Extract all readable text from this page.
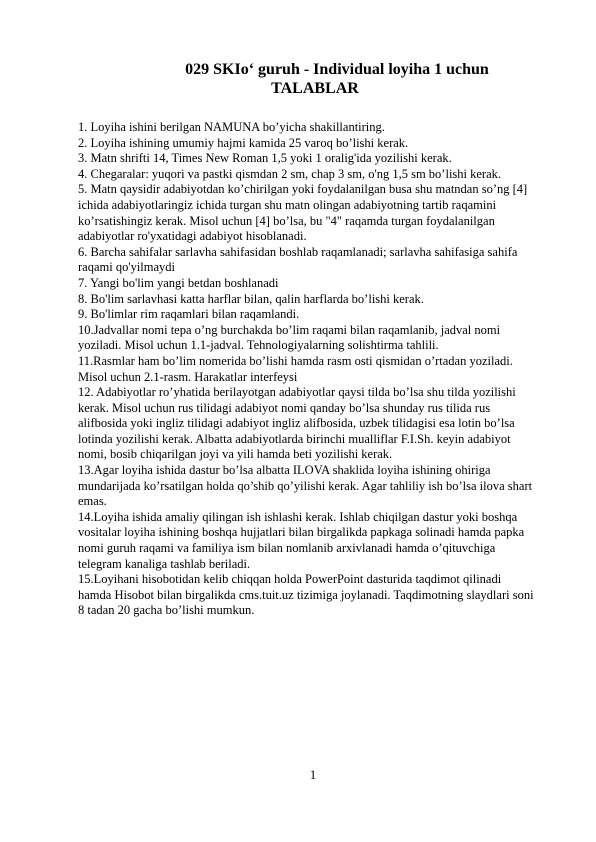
029 SKIo‘ guruh - Individual loyiha 1 uchun
TALABLAR

1. Loyiha ishini berilgan NAMUNA bo’yicha shakillantiring.

2. Loyiha ishining umumiy hajmi kamida 25 varoq bo’lishi kerak.

3. Matn shrifti 14, Times New Roman 1,5 yoki 1 oralig'ida yozilishi kerak.

4. Chegaralar: yuqori va pastki qismdan 2 sm, chap 3 sm, o'ng 1,5 sm bo’lishi kerak.

5. Matn qaysidir adabiyotdan ko’chirilgan yoki foydalanilgan busa shu matndan so’ng [4] ichida adabiyotlaringiz ichida turgan shu matn olingan adabiyotning tartib raqamini ko’rsatishingiz kerak. Misol uchun [4] bo’lsa, bu "4" raqamda turgan foydalanilgan adabiyotlar ro'yxatidagi adabiyot hisoblanadi.

6. Barcha sahifalar sarlavha sahifasidan boshlab raqamlanadi; sarlavha sahifasiga sahifa raqami qo'yilmaydi

7. Yangi bo'lim yangi betdan boshlanadi

8. Bo'lim sarlavhasi katta harflar bilan, qalin harflarda bo’lishi kerak.

9. Bo'limlar rim raqamlari bilan raqamlandi.

10.Jadvallar nomi tepa o’ng burchakda bo’lim raqami bilan raqamlanib, jadval nomi yoziladi. Misol uchun 1.1-jadval. Tehnologiyalarning solishtirma tahlili.

11.Rasmlar ham bo’lim nomerida bo’lishi hamda rasm osti qismidan o’rtadan yoziladi. Misol uchun 2.1-rasm. Harakatlar interfeysi

12. Adabiyotlar ro’yhatida berilayotgan adabiyotlar qaysi tilda bo’lsa shu tilda yozilishi kerak. Misol uchun rus tilidagi adabiyot nomi qanday bo’lsa shunday rus tilida rus alifbosida yoki ingliz tilidagi adabiyot ingliz alifbosida, uzbek tilidagisi esa lotin bo’lsa lotinda yozilishi kerak. Albatta adabiyotlarda birinchi mualliflar F.I.Sh. keyin adabiyot nomi, bosib chiqarilgan joyi va yili hamda beti yozilishi kerak.

13.Agar loyiha ishida dastur bo’lsa albatta ILOVA shaklida loyiha ishining ohiriga mundarijada ko’rsatilgan holda qo’shib qo’yilishi kerak. Agar tahliliy ish bo’lsa ilova shart emas.

14.Loyiha ishida amaliy qilingan ish ishlashi kerak. Ishlab chiqilgan dastur yoki boshqa vositalar loyiha ishining boshqa hujjatlari bilan birgalikda papkaga solinadi hamda papka nomi guruh raqami va familiya ism bilan nomlanib arxivlanadi hamda o’qituvchiga telegram kanaliga tashlab beriladi.

15.Loyihani hisobotidan kelib chiqqan holda PowerPoint dasturida taqdimot qilinadi hamda Hisobot bilan birgalikda cms.tuit.uz tizimiga joylanadi. Taqdimotning slaydlari soni 8 tadan 20 gacha bo’lishi mumkun.

1
